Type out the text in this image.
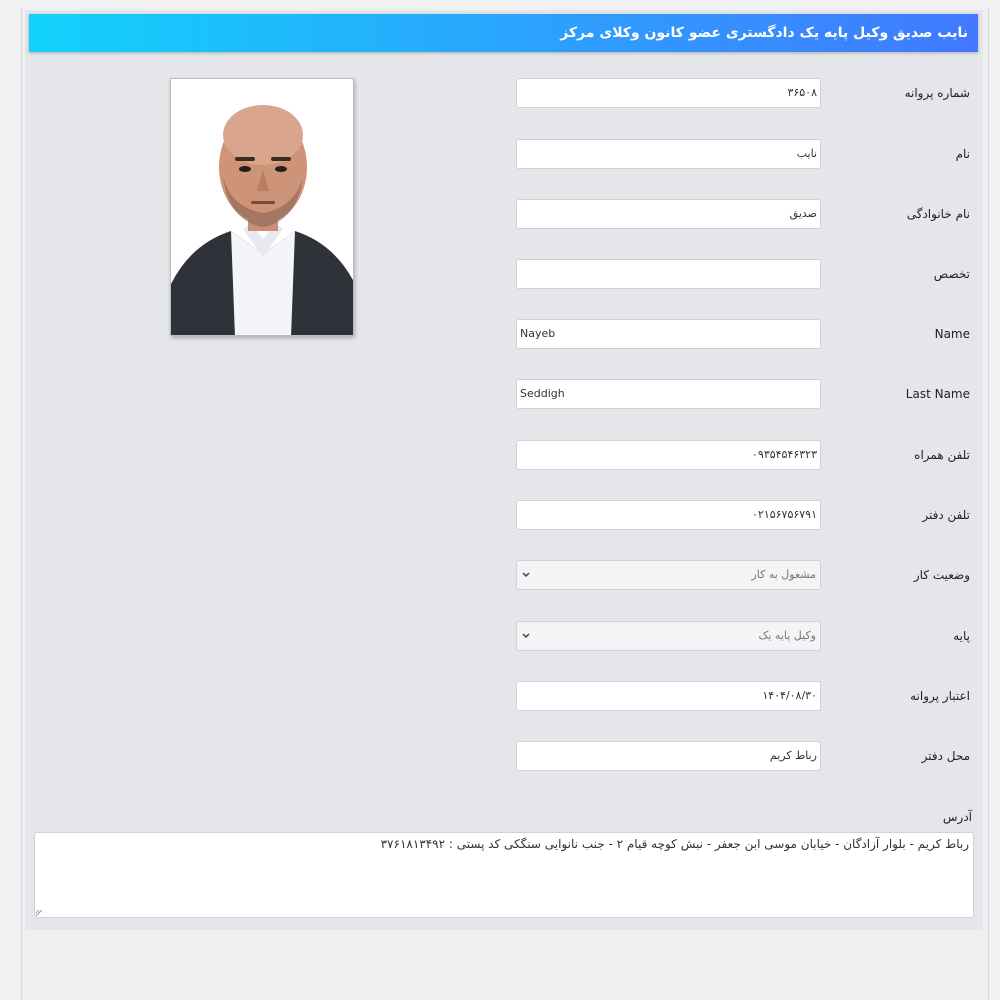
نایب صدیق وکیل پایه یک دادگستری عضو کانون وکلای مرکز
شماره پروانه
۳۶۵۰۸
نام
نایب
نام خانوادگی
صدیق
تخصص
Name
Nayeb
Last Name
Seddigh
تلفن همراه
۰۹۳۵۴۵۴۶۳۲۳
تلفن دفتر
۰۲۱۵۶۷۵۶۷۹۱
وضعیت کار
مشغول به کار
پایه
وکیل پایه یک
اعتبار پروانه
۱۴۰۴/۰۸/۳۰
محل دفتر
رباط کریم
آدرس
رباط کریم - بلوار آزادگان - خیابان موسی ابن جعفر - نبش کوچه قیام ۲ - جنب نانوایی سنگکی کد پستی : ۳۷۶۱۸۱۳۴۹۲
